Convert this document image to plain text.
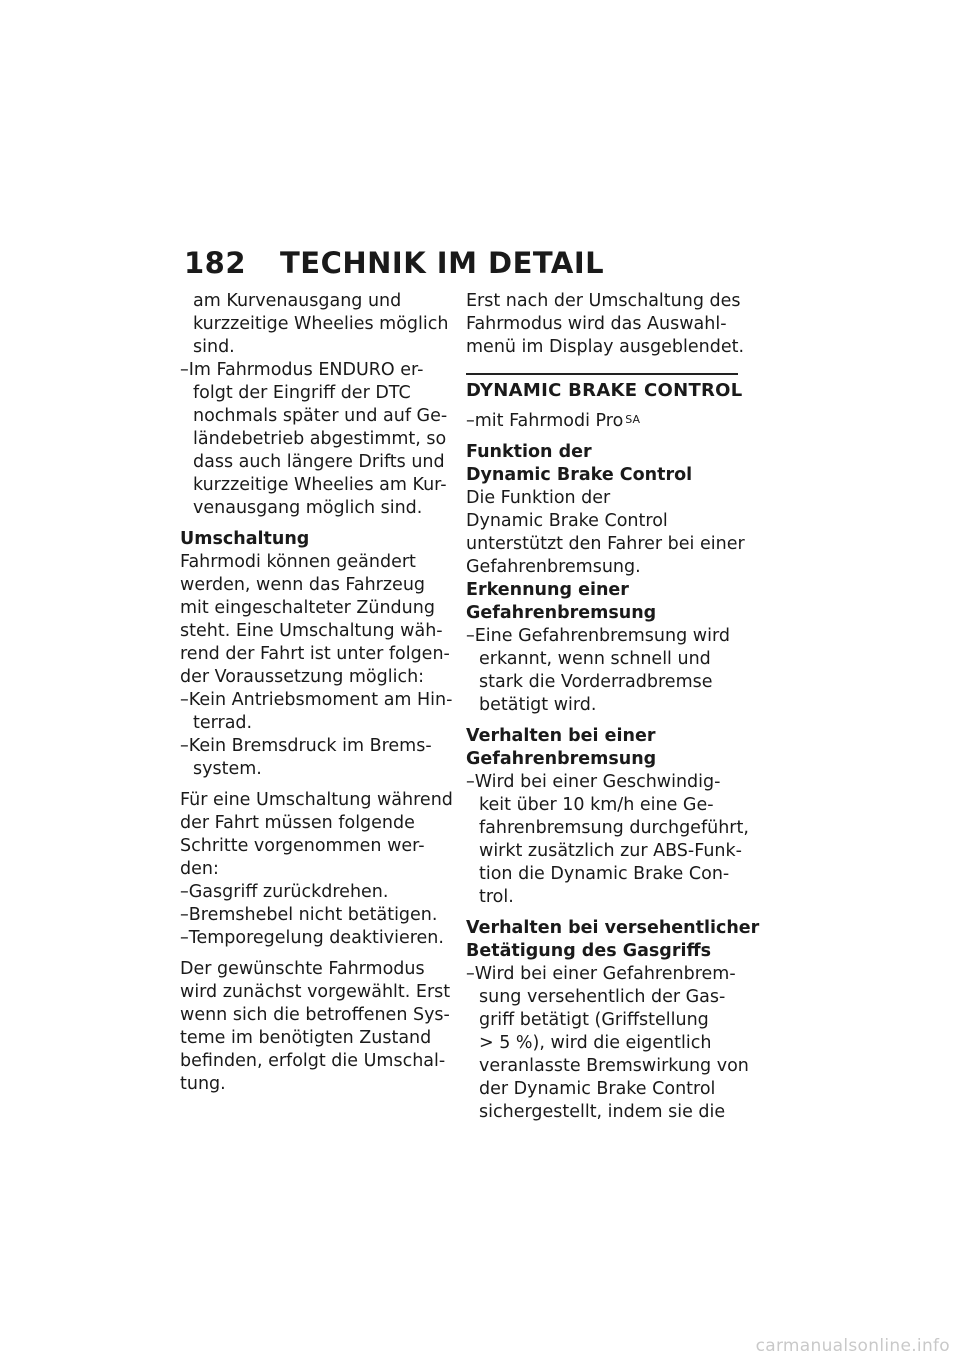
182 TECHNIK IM DETAIL
am Kurvenausgang und
kurzzeitige Wheelies möglich
sind.
–Im Fahrmodus ENDURO er-
folgt der Eingriff der DTC
nochmals später und auf Ge-
ländebetrieb abgestimmt, so
dass auch längere Drifts und
kurzzeitige Wheelies am Kur-
venausgang möglich sind.
Umschaltung
Fahrmodi können geändert
werden, wenn das Fahrzeug
mit eingeschalteter Zündung
steht. Eine Umschaltung wäh-
rend der Fahrt ist unter folgen-
der Voraussetzung möglich:
–Kein Antriebsmoment am Hin-
terrad.
–Kein Bremsdruck im Brems-
system.
Für eine Umschaltung während
der Fahrt müssen folgende
Schritte vorgenommen wer-
den:
–Gasgriff zurückdrehen.
–Bremshebel nicht betätigen.
–Temporegelung deaktivieren.
Der gewünschte Fahrmodus
wird zunächst vorgewählt. Erst
wenn sich die betroffenen Sys-
teme im benötigten Zustand
befinden, erfolgt die Umschal-
tung.
Erst nach der Umschaltung des
Fahrmodus wird das Auswahl-
menü im Display ausgeblendet.
DYNAMIC BRAKE CONTROL
–mit Fahrmodi Pro $^{SA}$
Funktion der
Dynamic Brake Control
Die Funktion der
Dynamic Brake Control
unterstützt den Fahrer bei einer
Gefahrenbremsung.
Erkennung einer
Gefahrenbremsung
–Eine Gefahrenbremsung wird
erkannt, wenn schnell und
stark die Vorderradbremse
betätigt wird.
Verhalten bei einer
Gefahrenbremsung
–Wird bei einer Geschwindig-
keit über 10 km/h eine Ge-
fahrenbremsung durchgeführt,
wirkt zusätzlich zur ABS-Funk-
tion die Dynamic Brake Con-
trol.
Verhalten bei versehentlicher
Betätigung des Gasgriffs
–Wird bei einer Gefahrenbrem-
sung versehentlich der Gas-
griff betätigt (Griffstellung
> 5 %), wird die eigentlich
veranlasste Bremswirkung von
der Dynamic Brake Control
sichergestellt, indem sie die
carmanualsonline.info
